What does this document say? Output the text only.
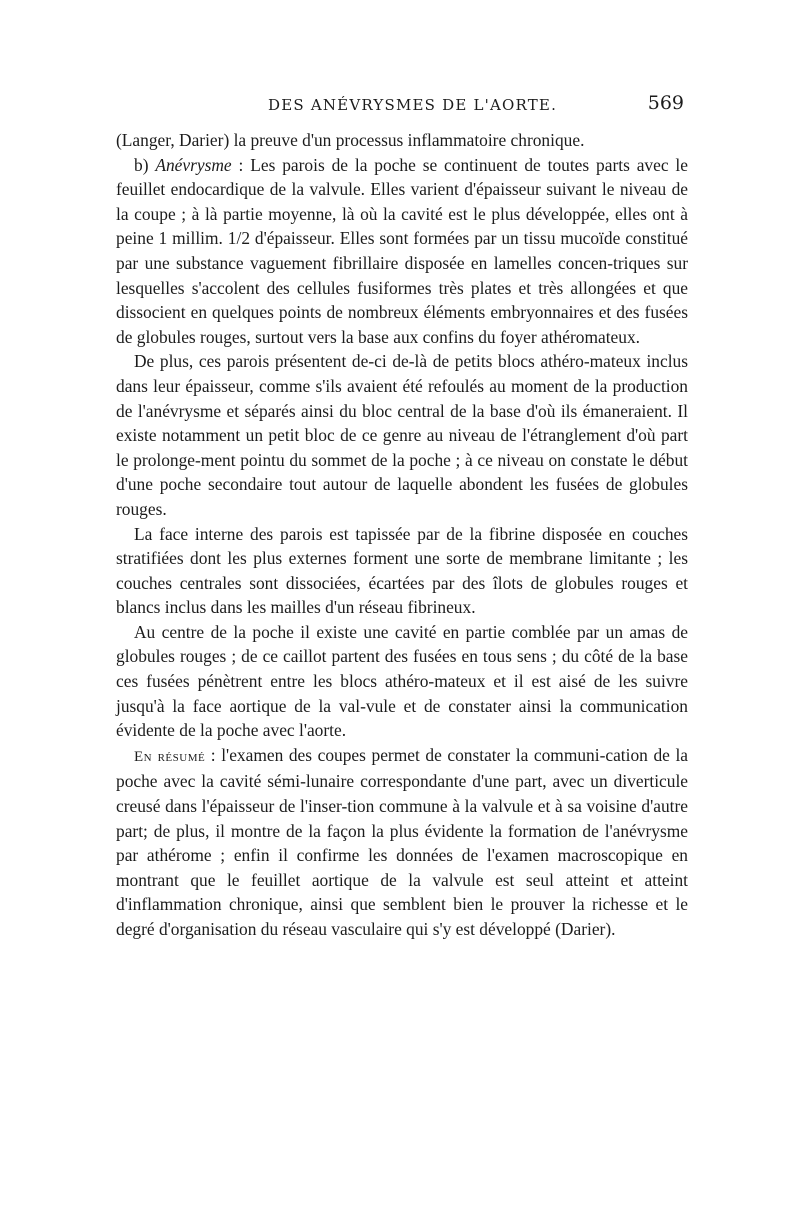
DES ANÉVRYSMES DE L'AORTE.	569

(Langer, Darier) la preuve d'un processus inflammatoire chronique.

b) Anévrysme : Les parois de la poche se continuent de toutes parts avec le feuillet endocardique de la valvule. Elles varient d'épaisseur suivant le niveau de la coupe ; à là partie moyenne, là où la cavité est le plus développée, elles ont à peine 1 millim. 1/2 d'épaisseur. Elles sont formées par un tissu mucoïde constitué par une substance vaguement fibrillaire disposée en lamelles concen-triques sur lesquelles s'accolent des cellules fusiformes très plates et très allongées et que dissocient en quelques points de nombreux éléments embryonnaires et des fusées de globules rouges, surtout vers la base aux confins du foyer athéromateux.

De plus, ces parois présentent de-ci de-là de petits blocs athéro-mateux inclus dans leur épaisseur, comme s'ils avaient été refoulés au moment de la production de l'anévrysme et séparés ainsi du bloc central de la base d'où ils émaneraient. Il existe notamment un petit bloc de ce genre au niveau de l'étranglement d'où part le prolonge-ment pointu du sommet de la poche ; à ce niveau on constate le début d'une poche secondaire tout autour de laquelle abondent les fusées de globules rouges.

La face interne des parois est tapissée par de la fibrine disposée en couches stratifiées dont les plus externes forment une sorte de membrane limitante ; les couches centrales sont dissociées, écartées par des îlots de globules rouges et blancs inclus dans les mailles d'un réseau fibrineux.

Au centre de la poche il existe une cavité en partie comblée par un amas de globules rouges ; de ce caillot partent des fusées en tous sens ; du côté de la base ces fusées pénètrent entre les blocs athéro-mateux et il est aisé de les suivre jusqu'à la face aortique de la val-vule et de constater ainsi la communication évidente de la poche avec l'aorte.

En résumé : l'examen des coupes permet de constater la communi-cation de la poche avec la cavité sémi-lunaire correspondante d'une part, avec un diverticule creusé dans l'épaisseur de l'inser-tion commune à la valvule et à sa voisine d'autre part; de plus, il montre de la façon la plus évidente la formation de l'anévrysme par athérome ; enfin il confirme les données de l'examen macroscopique en montrant que le feuillet aortique de la valvule est seul atteint et atteint d'inflammation chronique, ainsi que semblent bien le prouver la richesse et le degré d'organisation du réseau vasculaire qui s'y est développé (Darier).
